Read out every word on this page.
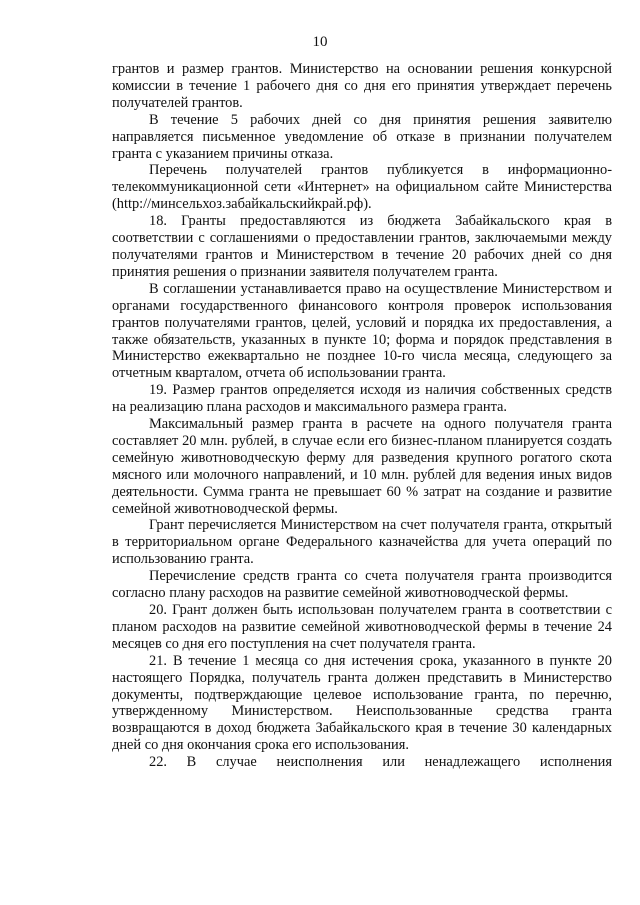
10

грантов и размер грантов. Министерство на основании решения конкурсной комиссии в течение 1 рабочего дня со дня его принятия утверждает перечень получателей грантов.

В течение 5 рабочих дней со дня принятия решения заявителю направляется письменное уведомление об отказе в признании получателем гранта с указанием причины отказа.

Перечень получателей грантов публикуется в информационно-телекоммуникационной сети «Интернет» на официальном сайте Министерства (http://минсельхоз.забайкальскийкрай.рф).

18. Гранты предоставляются из бюджета Забайкальского края в соответствии с соглашениями о предоставлении грантов, заключаемыми между получателями грантов и Министерством в течение 20 рабочих дней со дня принятия решения о признании заявителя получателем гранта.

В соглашении устанавливается право на осуществление Министерством и органами государственного финансового контроля проверок использования грантов получателями грантов, целей, условий и порядка их предоставления, а также обязательств, указанных в пункте 10; форма и порядок представления в Министерство ежеквартально не позднее 10-го числа месяца, следующего за отчетным кварталом, отчета об использовании гранта.

19. Размер грантов определяется исходя из наличия собственных средств на реализацию плана расходов и максимального размера гранта.

Максимальный размер гранта в расчете на одного получателя гранта составляет 20 млн. рублей, в случае если его бизнес-планом планируется создать семейную животноводческую ферму для разведения крупного рогатого скота мясного или молочного направлений, и 10 млн. рублей для ведения иных видов деятельности. Сумма гранта не превышает 60 % затрат на создание и развитие семейной животноводческой фермы.

Грант перечисляется Министерством на счет получателя гранта, открытый в территориальном органе Федерального казначейства для учета операций по использованию гранта.

Перечисление средств гранта со счета получателя гранта производится согласно плану расходов на развитие семейной животноводческой фермы.

20. Грант должен быть использован получателем гранта в соответствии с планом расходов на развитие семейной животноводческой фермы в течение 24 месяцев со дня его поступления на счет получателя гранта.

21. В течение 1 месяца со дня истечения срока, указанного в пункте 20 настоящего Порядка, получатель гранта должен представить в Министерство документы, подтверждающие целевое использование гранта, по перечню, утвержденному Министерством. Неиспользованные средства гранта возвращаются в доход бюджета Забайкальского края в течение 30 календарных дней со дня окончания срока его использования.

22. В случае неисполнения или ненадлежащего исполнения
